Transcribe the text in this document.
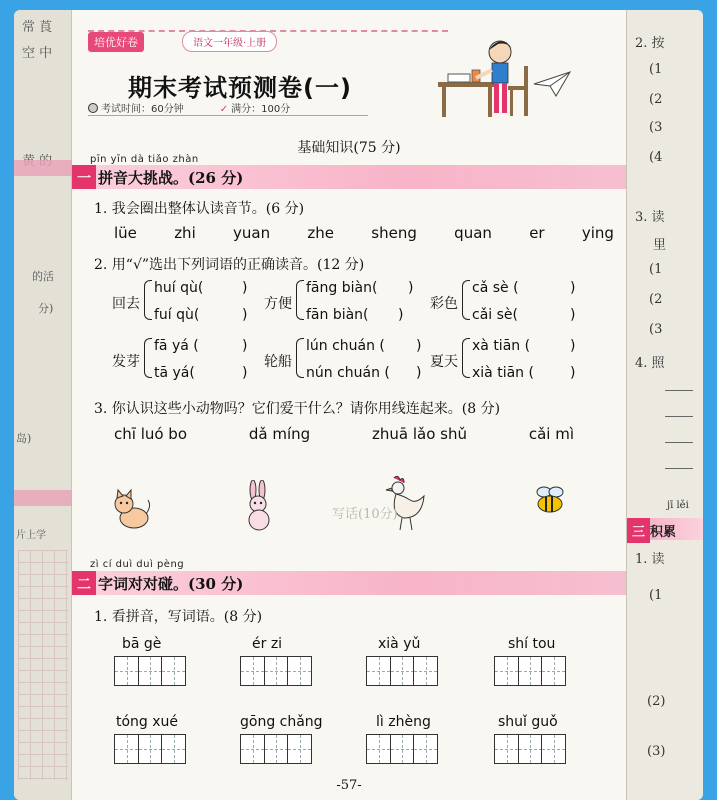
常 莨
空 中
的活
分)
岛)
片上学
培优好卷	语文一年级·上册
期末考试预测卷(一)
考试时间：60分钟	✓ 满分：100分
基础知识(75 分)
pīn yīn dà tiǎo zhàn
一 拼音大挑战。(26 分)
1. 我会圈出整体认读音节。(6 分)
lüe zhi yuan zhe sheng quan er ying
2. 用“√”选出下列词语的正确读音。(12 分)
回去
huí qù(	)
fuí qù(	)
方便
fāng biàn( )
fān biàn( )
彩色
cǎ sè (	)
cǎi sè(	)
发芽
fā yá (	)
tā yá(	)
轮船
lún chuán ( )
nún chuán ( )
夏天
xà tiān (	)
xià tiān (	)
3. 你认识这些小动物吗？它们爱干什么？请你用线连起来。(8 分)
chī luó bo	dǎ míng	zhuā lǎo shǔ	cǎi mì
写话(10分)
zì cí duì duì pèng
二 字词对对碰。(30 分)
1. 看拼音，写词语。(8 分)
bā gè	ér zi	xià yǔ	shí tou
tóng xué	gōng chǎng	lì zhèng	shuǐ guǒ
-57-
2. 按
(1
(2
(3
(4
3. 读
里
(1
(2
(3
4. 照
jī lěi
三 积累
1. 读
(1
(2)
(3)
